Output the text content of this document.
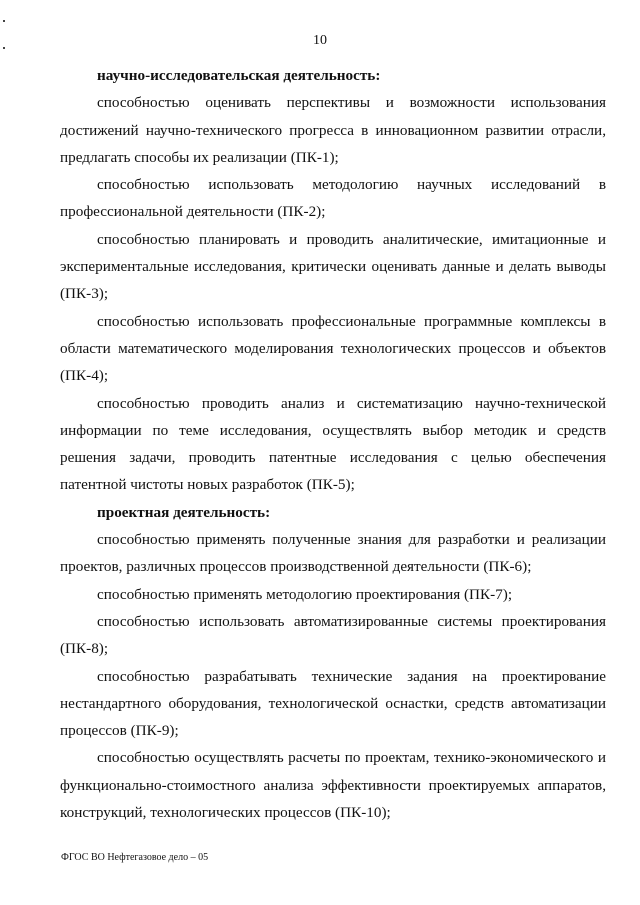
10

научно-исследовательская деятельность:

способностью оценивать перспективы и возможности использования достижений научно-технического прогресса в инновационном развитии отрасли, предлагать способы их реализации (ПК-1);

способностью использовать методологию научных исследований в профессиональной деятельности (ПК-2);

способностью планировать и проводить аналитические, имитационные и экспериментальные исследования, критически оценивать данные и делать выводы (ПК-3);

способностью использовать профессиональные программные комплексы в области математического моделирования технологических процессов и объектов (ПК-4);

способностью проводить анализ и систематизацию научно-технической информации по теме исследования, осуществлять выбор методик и средств решения задачи, проводить патентные исследования с целью обеспечения патентной чистоты новых разработок (ПК-5);

проектная деятельность:

способностью применять полученные знания для разработки и реализации проектов, различных процессов производственной деятельности (ПК-6);

способностью применять методологию проектирования (ПК-7);

способностью использовать автоматизированные системы проектирования (ПК-8);

способностью разрабатывать технические задания на проектирование нестандартного оборудования, технологической оснастки, средств автоматизации процессов (ПК-9);

способностью осуществлять расчеты по проектам, технико-экономического и функционально-стоимостного анализа эффективности проектируемых аппаратов, конструкций, технологических процессов (ПК-10);

ФГОС ВО Нефтегазовое дело – 05
